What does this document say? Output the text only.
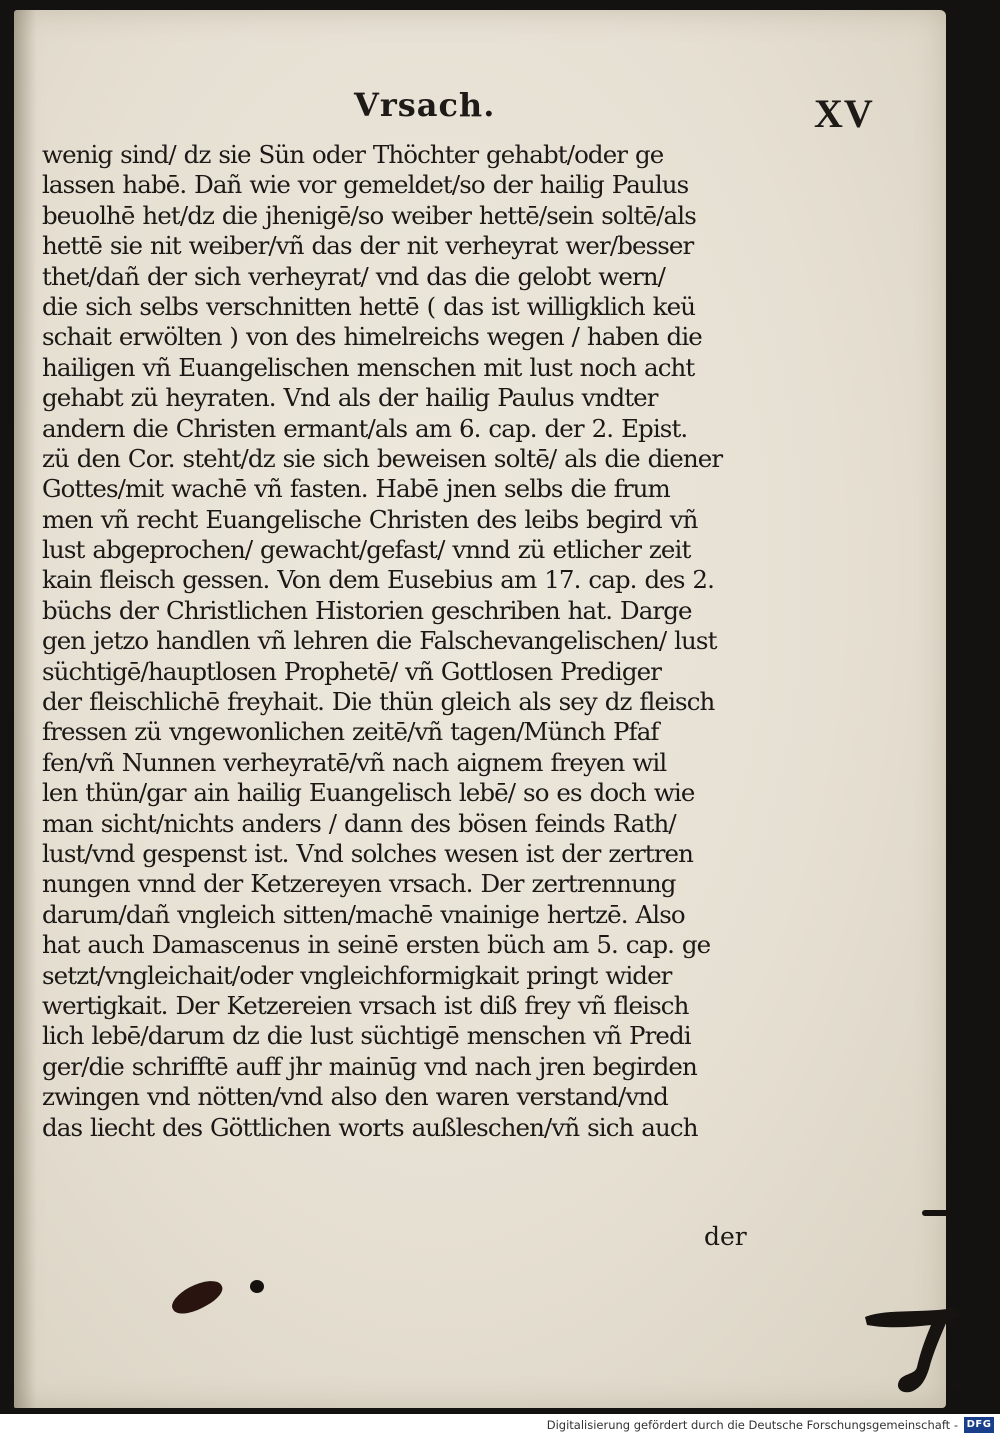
Vrsach.	XV
wenig sind/ dz sie Sün oder Thöchter gehabt/oder ge
lassen habē. Dañ wie vor gemeldet/so der hailig Paulus
beuolhē het/dz die jhenigē/so weiber hettē/sein soltē/als
hettē sie nit weiber/vñ das der nit verheyrat wer/besser
thet/dañ der sich verheyrat/ vnd das die gelobt wern/
die sich selbs verschnitten hettē ( das ist willigklich keü
schait erwölten ) von des himelreichs wegen / haben die
hailigen vñ Euangelischen menschen mit lust noch acht
gehabt zü heyraten. Vnd als der hailig Paulus vndter
andern die Christen ermant/als am 6. cap. der 2. Epist.
zü den Cor. steht/dz sie sich beweisen soltē/ als die diener
Gottes/mit wachē vñ fasten. Habē jnen selbs die frum
men vñ recht Euangelische Christen des leibs begird vñ
lust abgeprochen/ gewacht/gefast/ vnnd zü etlicher zeit
kain fleisch gessen. Von dem Eusebius am 17. cap. des 2.
büchs der Christlichen Historien geschriben hat. Darge
gen jetzo handlen vñ lehren die Falschevangelischen/ lust
süchtigē/hauptlosen Prophetē/ vñ Gottlosen Prediger
der fleischlichē freyhait. Die thün gleich als sey dz fleisch
fressen zü vngewonlichen zeitē/vñ tagen/Münch Pfaf
fen/vñ Nunnen verheyratē/vñ nach aignem freyen wil
len thün/gar ain hailig Euangelisch lebē/ so es doch wie
man sicht/nichts anders / dann des bösen feinds Rath/
lust/vnd gespenst ist. Vnd solches wesen ist der zertren
nungen vnnd der Ketzereyen vrsach. Der zertrennung
darum/dañ vngleich sitten/machē vnainige hertzē. Also
hat auch Damascenus in seinē ersten büch am 5. cap. ge
setzt/vngleichait/oder vngleichformigkait pringt wider
wertigkait. Der Ketzereien vrsach ist diß frey vñ fleisch
lich lebē/darum dz die lust süchtigē menschen vñ Predi
ger/die schrifftē auff jhr mainūg vnd nach jren begirden
zwingen vnd nötten/vnd also den waren verstand/vnd
das liecht des Göttlichen worts außleschen/vñ sich auch
der
Digitalisierung gefördert durch die Deutsche Forschungsgemeinschaft - DFG
